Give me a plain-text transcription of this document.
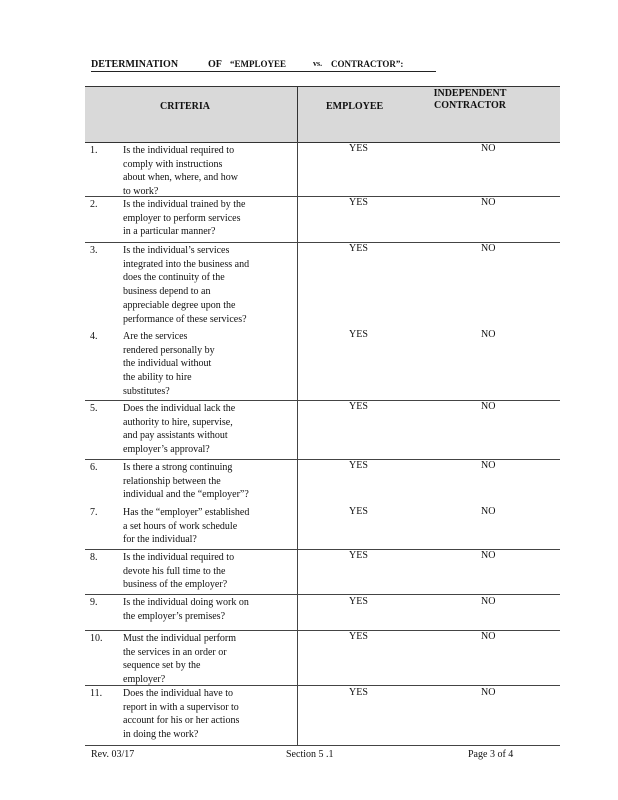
DETERMINATION	OF “EMPLOYEE	vs. CONTRACTOR”:
CRITERIA	EMPLOYEE
INDEPENDENT
CONTRACTOR
1.	Is the individual required to
comply with instructions
about when, where, and how
to work?
YES	NO
2.	Is the individual trained by the
employer to perform services
in a particular manner?
YES	NO
3.	Is the individual’s services
integrated into the business and
does the continuity of the
business depend to an
appreciable degree upon the
performance of these services?
YES	NO
4.	Are the services
rendered personally by
the individual without
the ability to hire
substitutes?
YES	NO
5.	Does the individual lack the
authority to hire, supervise,
and pay assistants without
employer’s approval?
YES	NO
6.	Is there a strong continuing
relationship between the
individual and the “employer”?
YES	NO
7.	Has the “employer” established
a set hours of work schedule
for the individual?
YES	NO
8.	Is the individual required to
devote his full time to the
business of the employer?
YES	NO
9.	Is the individual doing work on
the employer’s premises?
YES	NO
10. Must the individual perform
the services in an order or
sequence set by the
employer?
YES	NO
11. Does the individual have to
report in with a supervisor to
account for his or her actions
in doing the work?
YES	NO
Rev. 03/17	Section 5 .1	Page 3 of 4
